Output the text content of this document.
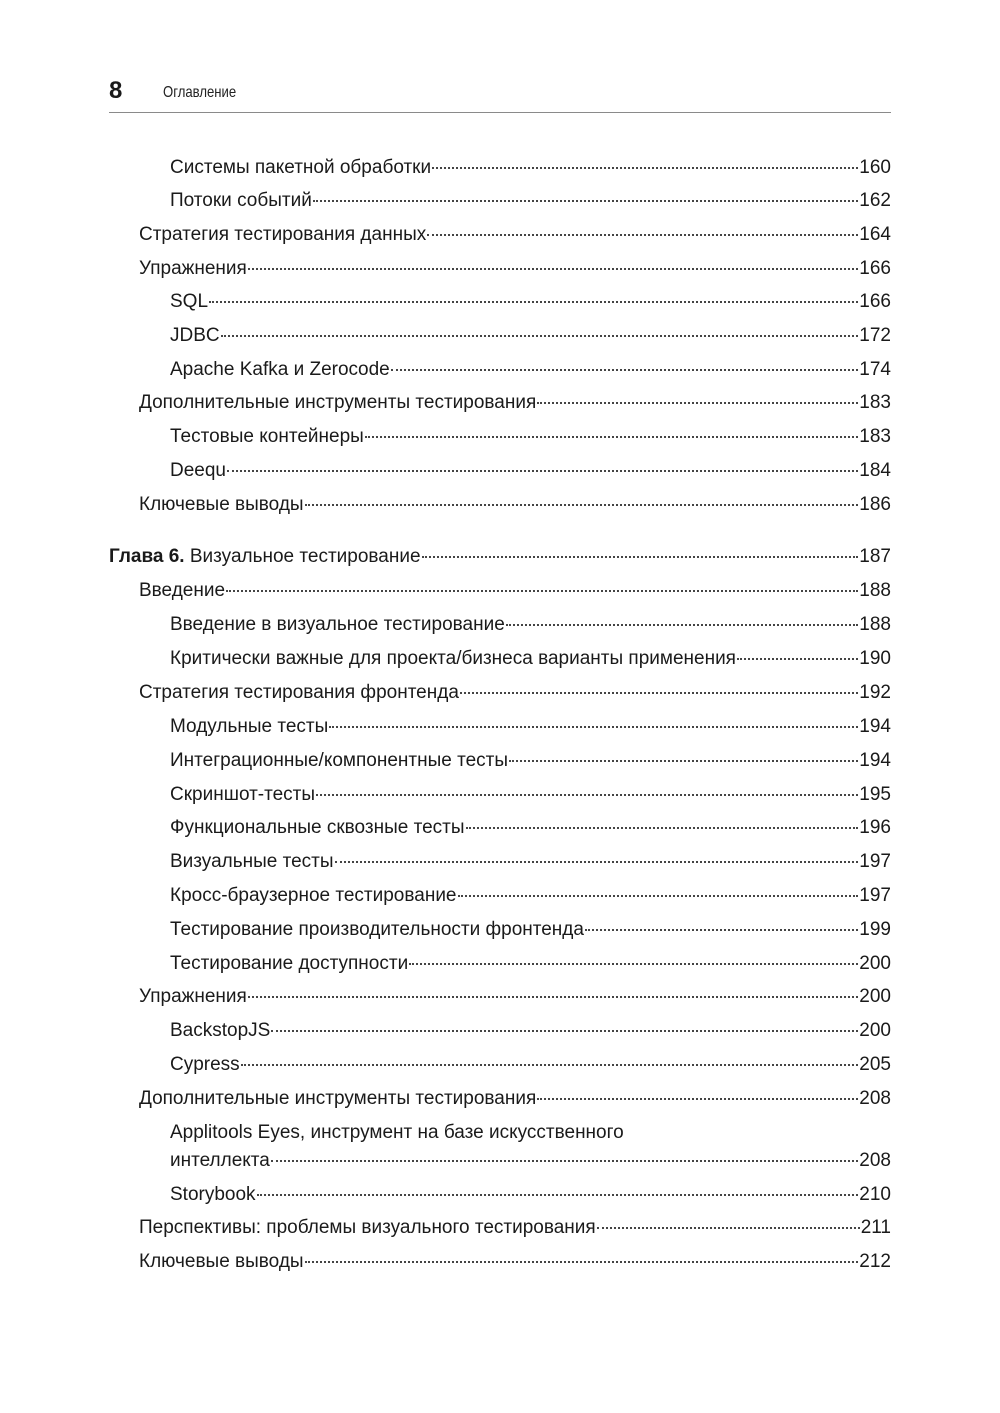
8	Оглавление
Системы пакетной обработки	160
Потоки событий	162
Стратегия тестирования данных	164
Упражнения	166
SQL	166
JDBC	172
Apache Kafka и Zerocode	174
Дополнительные инструменты тестирования	183
Тестовые контейнеры	183
Deequ	184
Ключевые выводы	186
Глава 6. Визуальное тестирование	187
Введение	188
Введение в визуальное тестирование	188
Критически важные для проекта/бизнеса варианты применения	190
Стратегия тестирования фронтенда	192
Модульные тесты	194
Интеграционные/компонентные тесты	194
Скриншот-тесты	195
Функциональные сквозные тесты	196
Визуальные тесты	197
Кросс-браузерное тестирование	197
Тестирование производительности фронтенда	199
Тестирование доступности	200
Упражнения	200
BackstopJS	200
Cypress	205
Дополнительные инструменты тестирования	208
Applitools Eyes, инструмент на базе искусственного
интеллекта	208
Storybook	210
Перспективы: проблемы визуального тестирования	211
Ключевые выводы	212
